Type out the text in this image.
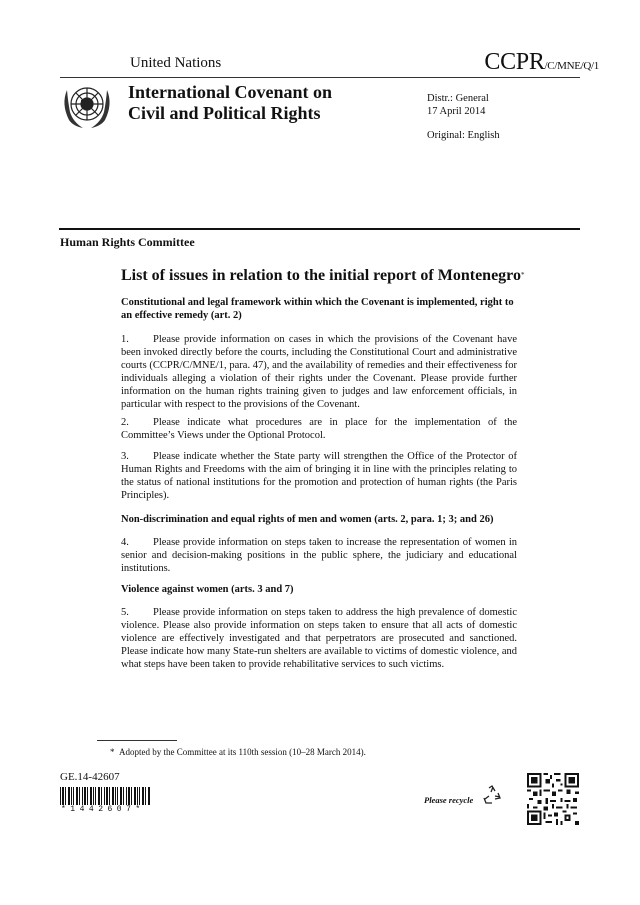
United Nations	CCPR/C/MNE/Q/1
International Covenant on
Civil and Political Rights
Distr.: General
17 April 2014
Original: English
Human Rights Committee
List of issues in relation to the initial report of Montenegro*
Constitutional and legal framework within which the Covenant is implemented, right to an effective remedy (art. 2)
1. Please provide information on cases in which the provisions of the Covenant have been invoked directly before the courts, including the Constitutional Court and administrative courts (CCPR/C/MNE/1, para. 47), and the availability of remedies and their effectiveness for individuals alleging a violation of their rights under the Covenant. Please provide further information on the human rights training given to judges and law enforcement officials, in particular with respect to the provisions of the Covenant.
2. Please indicate what procedures are in place for the implementation of the Committee’s Views under the Optional Protocol.
3. Please indicate whether the State party will strengthen the Office of the Protector of Human Rights and Freedoms with the aim of bringing it in line with the principles relating to the status of national institutions for the promotion and protection of human rights (the Paris Principles).
Non-discrimination and equal rights of men and women (arts. 2, para. 1; 3; and 26)
4. Please provide information on steps taken to increase the representation of women in senior and decision-making positions in the public sphere, the judiciary and educational institutions.
Violence against women (arts. 3 and 7)
5. Please provide information on steps taken to address the high prevalence of domestic violence. Please also provide information on steps taken to ensure that all acts of domestic violence are effectively investigated and that perpetrators are prosecuted and sanctioned. Please indicate how many State-run shelters are available to victims of domestic violence, and what steps have been taken to provide rehabilitative services to such victims.
* Adopted by the Committee at its 110th session (10–28 March 2014).
GE.14-42607
*1442607*
Please recycle
